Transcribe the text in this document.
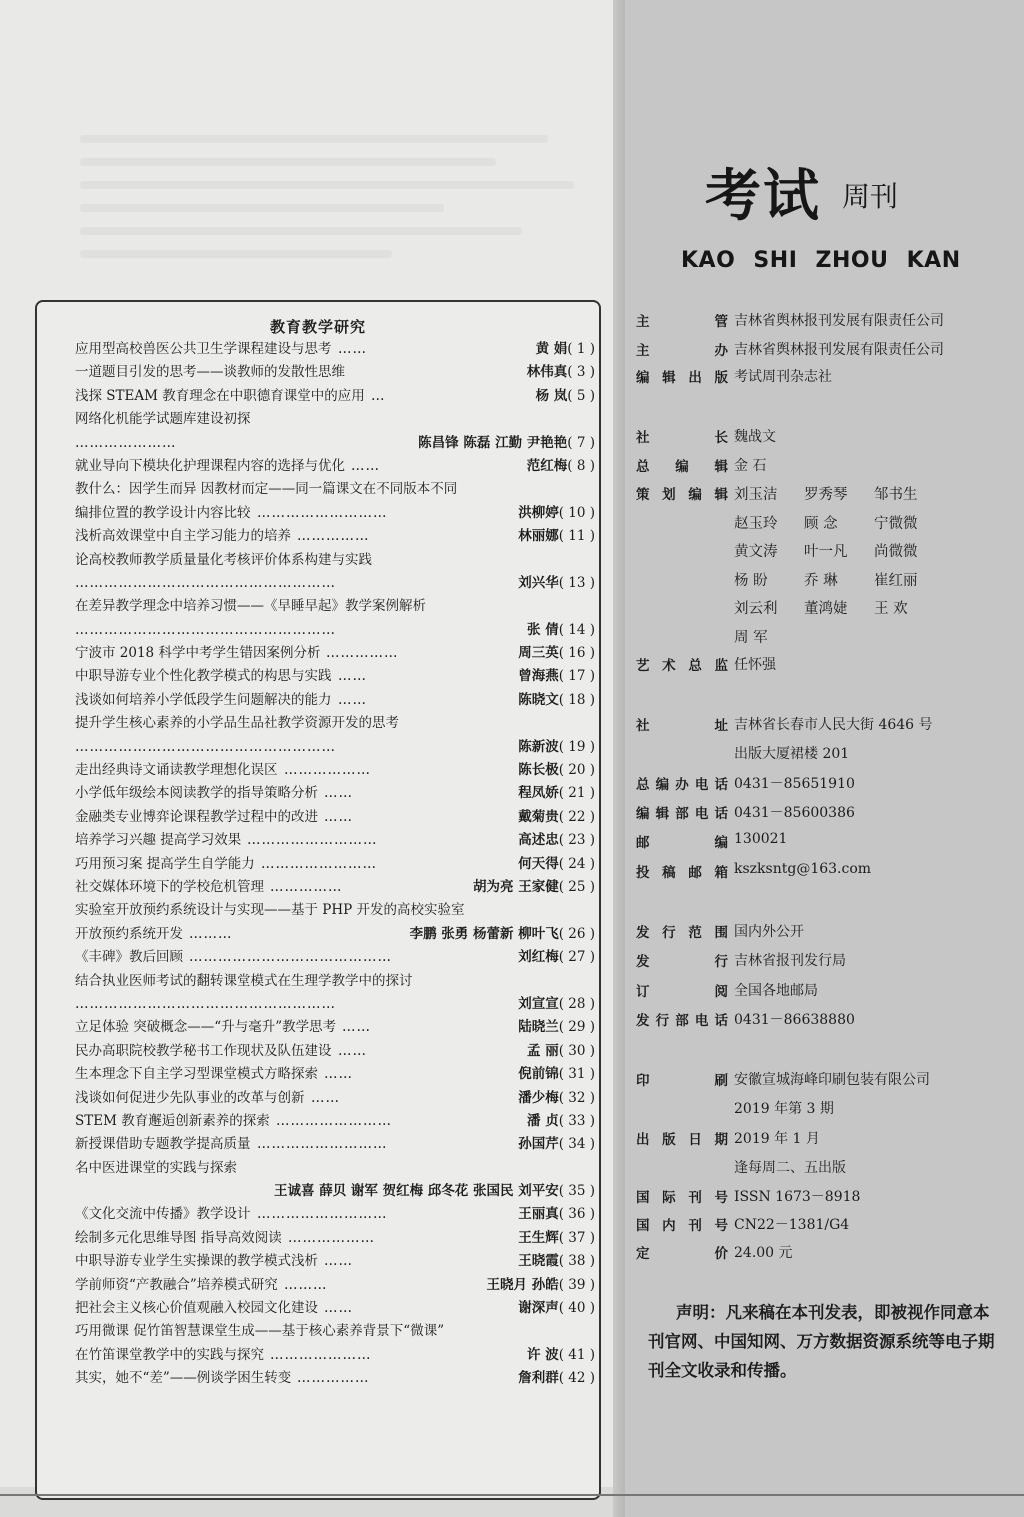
教育教学研究
应用型高校兽医公共卫生学课程建设与思考 ……	黄 娟( 1 )
一道题目引发的思考——谈教师的发散性思维	林伟真( 3 )
浅探 STEAM 教育理念在中职德育课堂中的应用 …	杨 岚( 5 )
网络化机能学试题库建设初探
…………………	陈昌锋 陈磊 江勤 尹艳艳( 7 )
就业导向下模块化护理课程内容的选择与优化 ……	范红梅( 8 )
教什么：因学生而异 因教材而定——同一篇课文在不同版本不同
编排位置的教学设计内容比较 ………………………	洪柳婷( 10 )
浅析高效课堂中自主学习能力的培养 ……………	林丽娜( 11 )
论高校教师教学质量量化考核评价体系构建与实践
………………………………………………	刘兴华( 13 )
在差异教学理念中培养习惯——《早睡早起》教学案例解析
………………………………………………	张 倩( 14 )
宁波市 2018 科学中考学生错因案例分析 ……………	周三英( 16 )
中职导游专业个性化教学模式的构思与实践 ……	曾海燕( 17 )
浅谈如何培养小学低段学生问题解决的能力 ……	陈晓文( 18 )
提升学生核心素养的小学品生品社教学资源开发的思考
………………………………………………	陈新波( 19 )
走出经典诗文诵读教学理想化误区 ………………	陈长极( 20 )
小学低年级绘本阅读教学的指导策略分析 ……	程凤娇( 21 )
金融类专业博弈论课程教学过程中的改进 ……	戴菊贵( 22 )
培养学习兴趣 提高学习效果 ………………………	高述忠( 23 )
巧用预习案 提高学生自学能力 ……………………	何天得( 24 )
社交媒体环境下的学校危机管理 ……………	胡为亮 王家健( 25 )
实验室开放预约系统设计与实现——基于 PHP 开发的高校实验室
开放预约系统开发 ………	李鹏 张勇 杨蕾新 柳叶飞( 26 )
《丰碑》教后回顾 ……………………………………	刘红梅( 27 )
结合执业医师考试的翻转课堂模式在生理学教学中的探讨
………………………………………………	刘宣宣( 28 )
立足体验 突破概念——“升与毫升”教学思考 ……	陆晓兰( 29 )
民办高职院校教学秘书工作现状及队伍建设 ……	孟 丽( 30 )
生本理念下自主学习型课堂模式方略探索 ……	倪前锦( 31 )
浅谈如何促进少先队事业的改革与创新 ……	潘少梅( 32 )
STEM 教育邂逅创新素养的探索 ……………………	潘 贞( 33 )
新授课借助专题教学提高质量 ………………………	孙国芹( 34 )
名中医进课堂的实践与探索
王诚喜 薛贝 谢军 贺红梅 邱冬花 张国民 刘平安( 35 )
《文化交流中传播》教学设计 ………………………	王丽真( 36 )
绘制多元化思维导图 指导高效阅读 ………………	王生辉( 37 )
中职导游专业学生实操课的教学模式浅析 ……	王晓霞( 38 )
学前师资“产教融合”培养模式研究 ………	王晓月 孙皓( 39 )
把社会主义核心价值观融入校园文化建设 ……	谢深声( 40 )
巧用微课 促竹笛智慧课堂生成——基于核心素养背景下“微课”
在竹笛课堂教学中的实践与探究 …………………	许 波( 41 )
其实，她不“差”——例谈学困生转变 ……………	詹利群( 42 )
考试 周刊
KAO SHI ZHOU KAN
主管 吉林省舆林报刊发展有限责任公司
主办 吉林省舆林报刊发展有限责任公司
编辑出版 考试周刊杂志社
社长 魏战文
总编辑 金 石
策划编辑 刘玉洁 罗秀琴 邹书生
赵玉玲 顾 念	宁微微
黄文涛 叶一凡 尚微微
杨 盼	乔 琳	崔红丽
刘云利 董鸿婕 王 欢
周 军
艺术总监 任怀强
社址 吉林省长春市人民大街 4646 号
出版大厦裙楼 201
总编办电话 0431－85651910
编辑部电话 0431－85600386
邮编 130021
投稿邮箱 kszksntg@163.com
发行范围 国内外公开
发行 吉林省报刊发行局
订阅 全国各地邮局
发行部电话 0431－86638880
印刷 安徽宣城海峰印刷包装有限公司
2019 年第 3 期
出版日期 2019 年 1 月
逢每周二、五出版
国际刊号 ISSN 1673－8918
国内刊号 CN22－1381/G4
定价 24.00 元
声明：凡来稿在本刊发表，即被视作同意本刊官网、中国知网、万方数据资源系统等电子期刊全文收录和传播。
